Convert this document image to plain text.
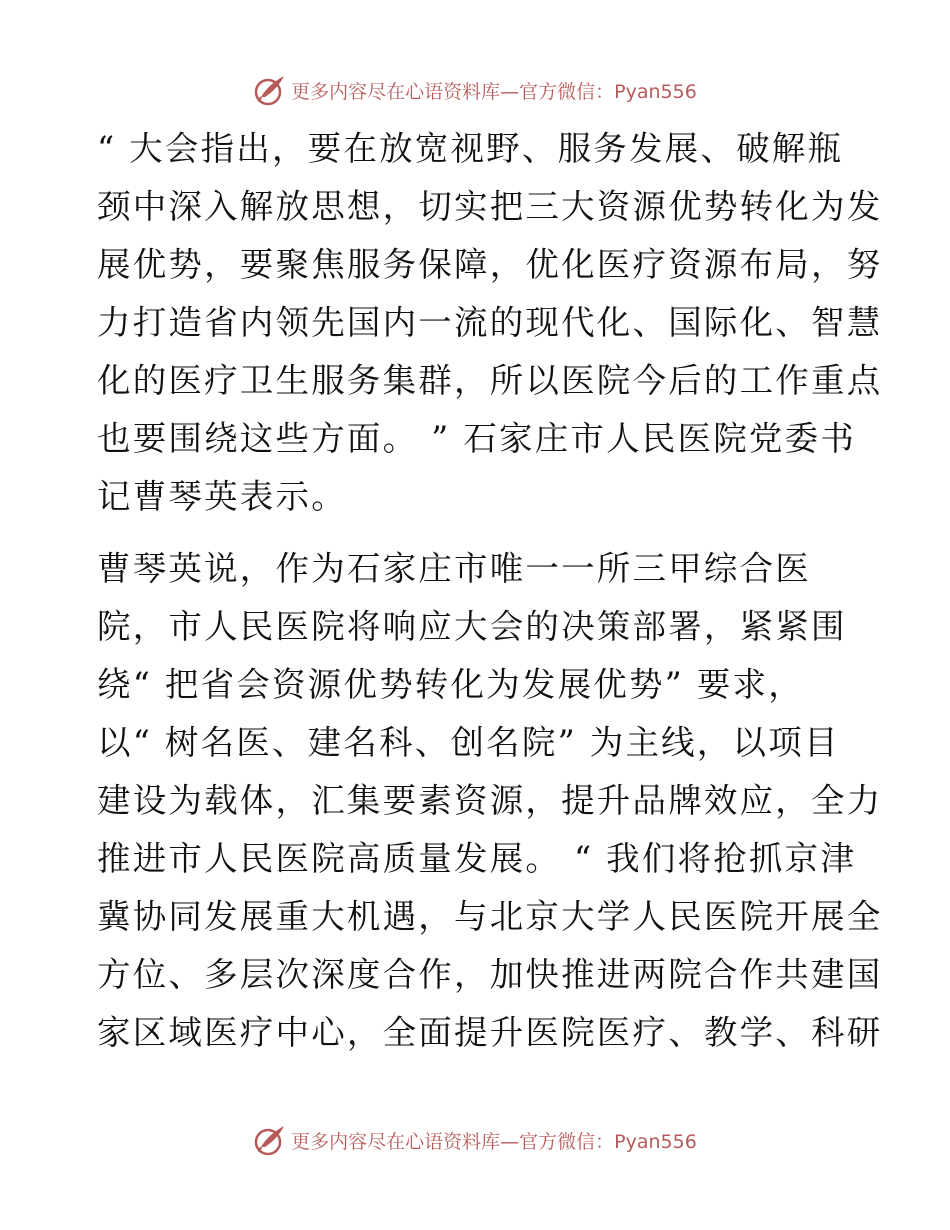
更多内容尽在心语资料库—官方微信：Pyan556
“ 大会指出，要在放宽视野、服务发展、破解瓶
颈中深入解放思想，切实把三大资源优势转化为发
展优势，要聚焦服务保障，优化医疗资源布局，努
力打造省内领先国内一流的现代化、国际化、智慧
化的医疗卫生服务集群，所以医院今后的工作重点
也要围绕这些方面。 ” 石家庄市人民医院党委书
记曹琴英表示。
曹琴英说，作为石家庄市唯一一所三甲综合医
院，市人民医院将响应大会的决策部署，紧紧围
绕“ 把省会资源优势转化为发展优势” 要求，
以“ 树名医、建名科、创名院” 为主线，以项目
建设为载体，汇集要素资源，提升品牌效应，全力
推进市人民医院高质量发展。 “ 我们将抢抓京津
冀协同发展重大机遇，与北京大学人民医院开展全
方位、多层次深度合作，加快推进两院合作共建国
家区域医疗中心，全面提升医院医疗、教学、科研
更多内容尽在心语资料库—官方微信：Pyan556
